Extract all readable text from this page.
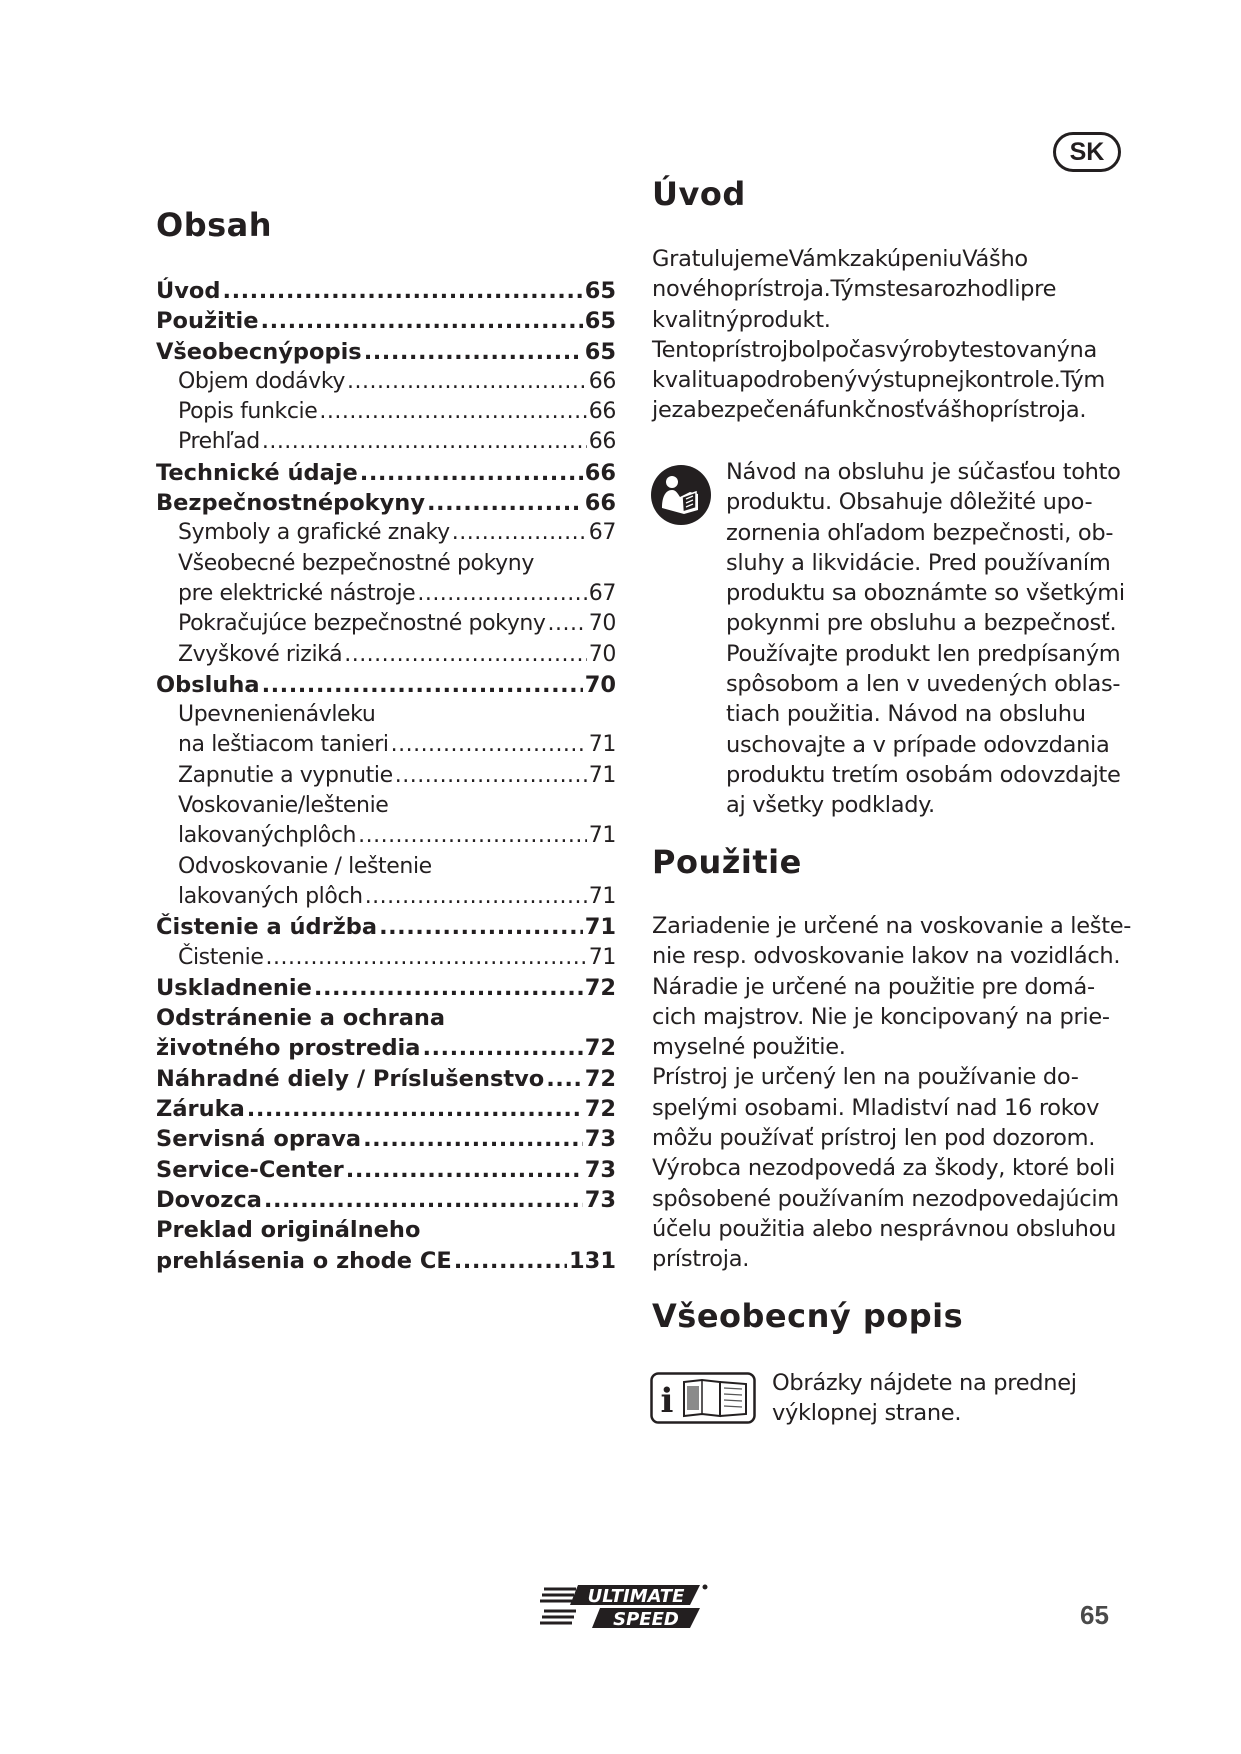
SK
Obsah
Úvod .....	65
Použitie .....	65
Všeobecnýpopis .....	65
Objem dodávky .....	66
Popis funkcie .....	66
Prehľad .....	66
Technické údaje .....	66
Bezpečnostnépokyny .....	66
Symboly a grafické znaky .....	67
Všeobecné bezpečnostné pokyny
pre elektrické nástroje .....	67
Pokračujúce bezpečnostné pokyny ..... 70
Zvyškové riziká .....	70
Obsluha .....	70
Upevnenienávleku
na leštiacom tanieri .....	71
Zapnutie a vypnutie .....	71
Voskovanie/leštenie
lakovanýchplôch .....	71
Odvoskovanie / leštenie
lakovaných plôch .....	71
Čistenie a údržba .....	71
Čistenie .....	71
Uskladnenie .....	72
Odstránenie a ochrana
životného prostredia .....	72
Náhradné diely / Príslušenstvo ..... 72
Záruka .....	72
Servisná oprava .....	73
Service-Center .....	73
Dovozca .....	73
Preklad originálneho
prehlásenia o zhode CE .....	131
Úvod
GratulujemeVámkzakúpeniuVášho
novéhoprístroja.Týmstesarozhodlipre
kvalitnýprodukt.
Tentoprístrojbolpočasvýrobytestovanýna
kvalituapodrobenývýstupnejkontrole.Tým
jezabezpečenáfunkčnosťvášhoprístroja.
Návod na obsluhu je súčasťou tohto
produktu. Obsahuje dôležité upo-
zornenia ohľadom bezpečnosti, ob-
sluhy a likvidácie. Pred používaním
produktu sa oboznámte so všetkými
pokynmi pre obsluhu a bezpečnosť.
Používajte produkt len predpísaným
spôsobom a len v uvedených oblas-
tiach použitia. Návod na obsluhu
uschovajte a v prípade odovzdania
produktu tretím osobám odovzdajte
aj všetky podklady.
Použitie
Zariadenie je určené na voskovanie a lešte-
nie resp. odvoskovanie lakov na vozidlách.
Náradie je určené na použitie pre domá-
cich majstrov. Nie je koncipovaný na prie-
myselné použitie.
Prístroj je určený len na používanie do-
spelými osobami. Mladiství nad 16 rokov
môžu používať prístroj len pod dozorom.
Výrobca nezodpovedá za škody, ktoré boli
spôsobené používaním nezodpovedajúcim
účelu použitia alebo nesprávnou obsluhou
prístroja.
Všeobecný popis
i	Obrázky nájdete na prednej
výklopnej strane.
ULTIMATE
SPEED	65
